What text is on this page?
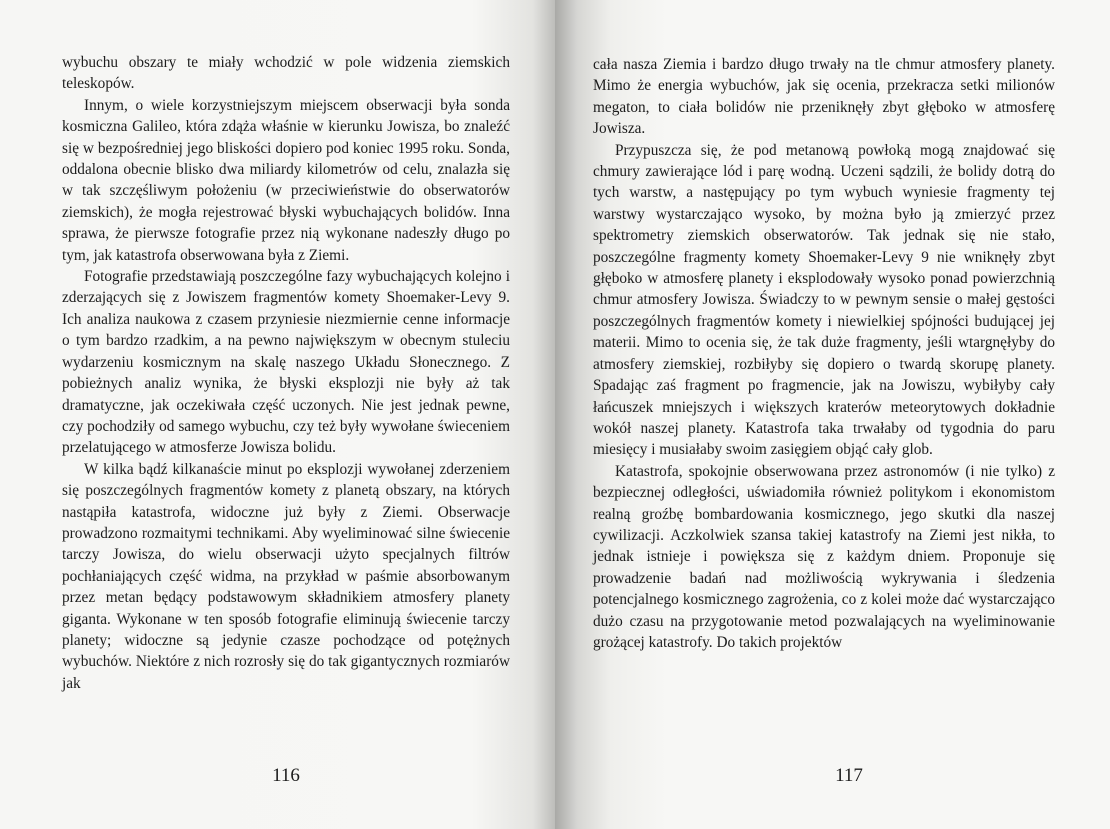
wybuchu obszary te miały wchodzić w pole widzenia ziemskich teleskopów.

Innym, o wiele korzystniejszym miejscem obserwacji była sonda kosmiczna Galileo, która zdąża właśnie w kierunku Jowisza, bo znaleźć się w bezpośredniej jego bliskości dopiero pod koniec 1995 roku. Sonda, oddalona obecnie blisko dwa miliardy kilometrów od celu, znalazła się w tak szczęśliwym położeniu (w przeciwieństwie do obserwatorów ziemskich), że mogła rejestrować błyski wybuchających bolidów. Inna sprawa, że pierwsze fotografie przez nią wykonane nadeszły długo po tym, jak katastrofa obserwowana była z Ziemi.

Fotografie przedstawiają poszczególne fazy wybuchających kolejno i zderzających się z Jowiszem fragmentów komety Shoemaker-Levy 9. Ich analiza naukowa z czasem przyniesie niezmiernie cenne informacje o tym bardzo rzadkim, a na pewno największym w obecnym stuleciu wydarzeniu kosmicznym na skalę naszego Układu Słonecznego. Z pobieżnych analiz wynika, że błyski eksplozji nie były aż tak dramatyczne, jak oczekiwała część uczonych. Nie jest jednak pewne, czy pochodziły od samego wybuchu, czy też były wywołane świeceniem przelatującego w atmosferze Jowisza bolidu.

W kilka bądź kilkanaście minut po eksplozji wywołanej zderzeniem się poszczególnych fragmentów komety z planetą obszary, na których nastąpiła katastrofa, widoczne już były z Ziemi. Obserwacje prowadzono rozmaitymi technikami. Aby wyeliminować silne świecenie tarczy Jowisza, do wielu obserwacji użyto specjalnych filtrów pochłaniających część widma, na przykład w paśmie absorbowanym przez metan będący podstawowym składnikiem atmosfery planety giganta. Wykonane w ten sposób fotografie eliminują świecenie tarczy planety; widoczne są jedynie czasze pochodzące od potężnych wybuchów. Niektóre z nich rozrosły się do tak gigantycznych rozmiarów jak

116

cała nasza Ziemia i bardzo długo trwały na tle chmur atmosfery planety. Mimo że energia wybuchów, jak się ocenia, przekracza setki milionów megaton, to ciała bolidów nie przeniknęły zbyt głęboko w atmosferę Jowisza.

Przypuszcza się, że pod metanową powłoką mogą znajdować się chmury zawierające lód i parę wodną. Uczeni sądzili, że bolidy dotrą do tych warstw, a następujący po tym wybuch wyniesie fragmenty tej warstwy wystarczająco wysoko, by można było ją zmierzyć przez spektrometry ziemskich obserwatorów. Tak jednak się nie stało, poszczególne fragmenty komety Shoemaker-Levy 9 nie wniknęły zbyt głęboko w atmosferę planety i eksplodowały wysoko ponad powierzchnią chmur atmosfery Jowisza. Świadczy to w pewnym sensie o małej gęstości poszczególnych fragmentów komety i niewielkiej spójności budującej jej materii. Mimo to ocenia się, że tak duże fragmenty, jeśli wtargnęłyby do atmosfery ziemskiej, rozbiłyby się dopiero o twardą skorupę planety. Spadając zaś fragment po fragmencie, jak na Jowiszu, wybiłyby cały łańcuszek mniejszych i większych kraterów meteorytowych dokładnie wokół naszej planety. Katastrofa taka trwałaby od tygodnia do paru miesięcy i musiałaby swoim zasięgiem objąć cały glob.

Katastrofa, spokojnie obserwowana przez astronomów (i nie tylko) z bezpiecznej odległości, uświadomiła również politykom i ekonomistom realną groźbę bombardowania kosmicznego, jego skutki dla naszej cywilizacji. Aczkolwiek szansa takiej katastrofy na Ziemi jest nikła, to jednak istnieje i powiększa się z każdym dniem. Proponuje się prowadzenie badań nad możliwością wykrywania i śledzenia potencjalnego kosmicznego zagrożenia, co z kolei może dać wystarczająco dużo czasu na przygotowanie metod pozwalających na wyeliminowanie grożącej katastrofy. Do takich projektów

117
